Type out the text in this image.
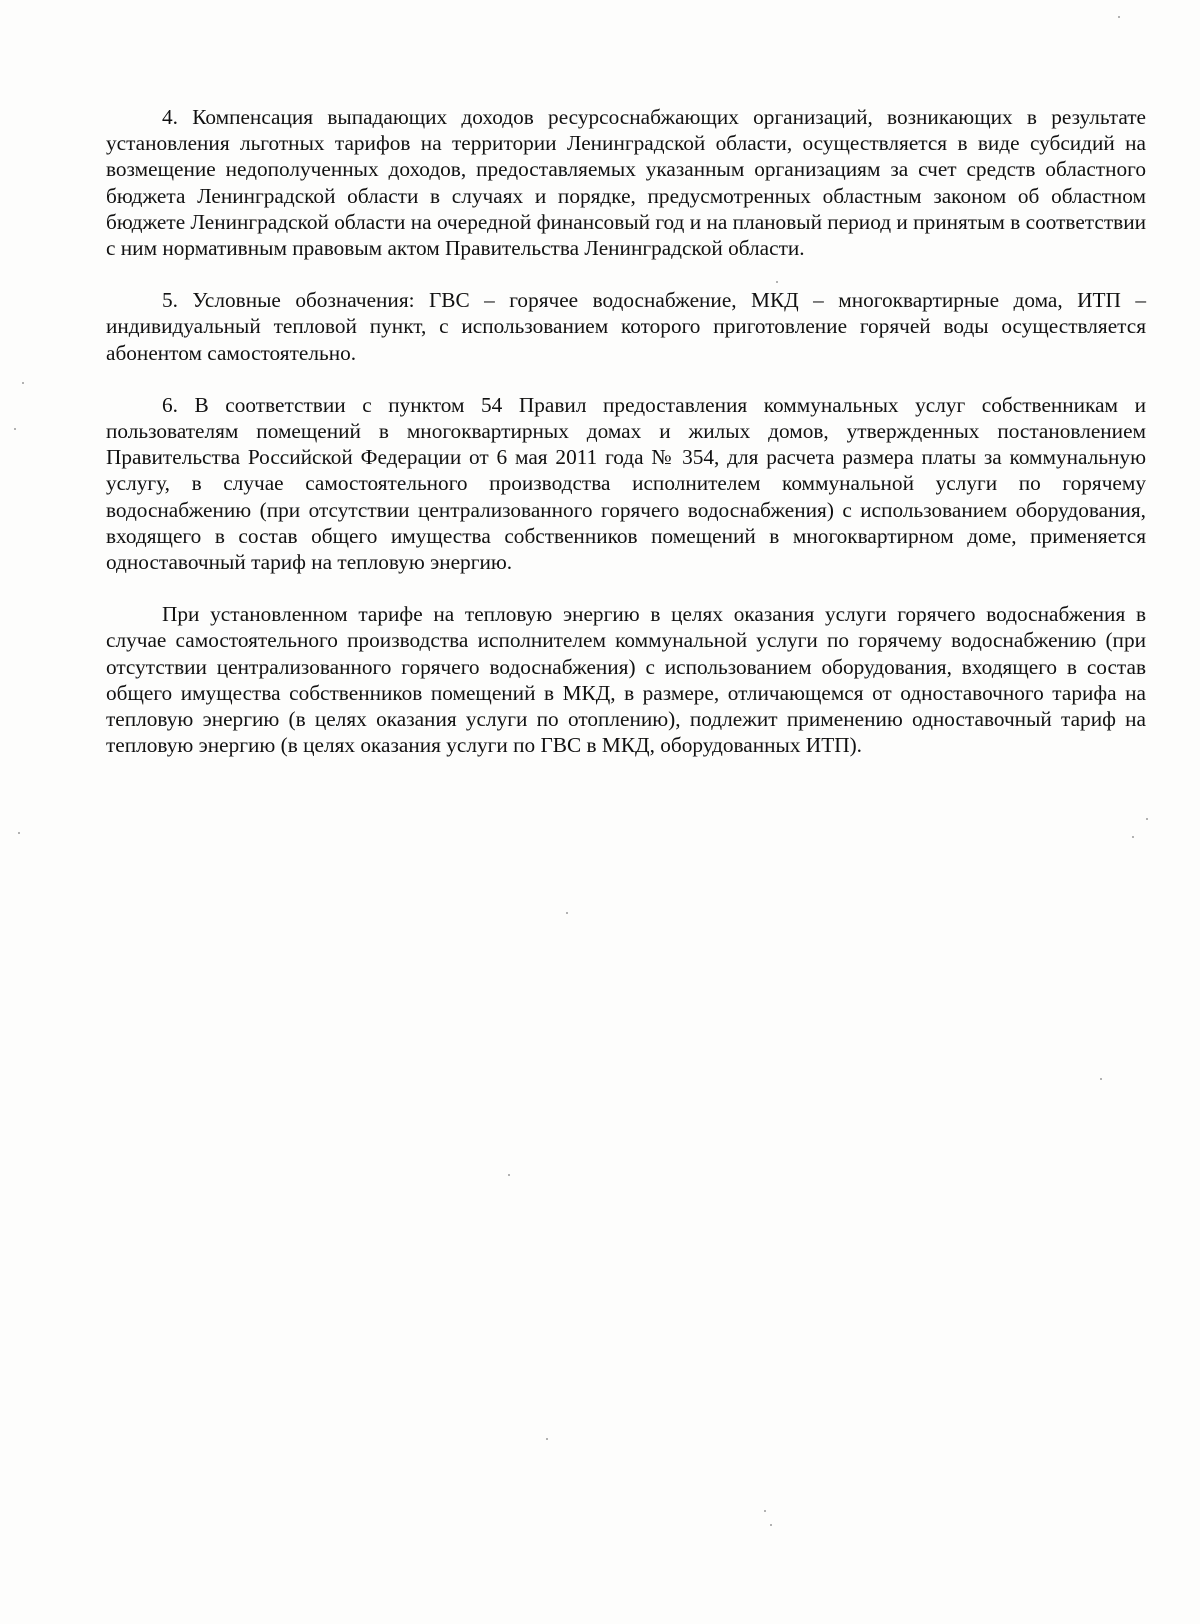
4. Компенсация выпадающих доходов ресурсоснабжающих организаций, возникающих в результате установления льготных тарифов на территории Ленинградской области, осуществляется в виде субсидий на возмещение недополученных доходов, предоставляемых указанным организациям за счет средств областного бюджета Ленинградской области в случаях и порядке, предусмотренных областным законом об областном бюджете Ленинградской области на очередной финансовый год и на плановый период и принятым в соответствии с ним нормативным правовым актом Правительства Ленинградской области.

5. Условные обозначения: ГВС – горячее водоснабжение, МКД – многоквартирные дома, ИТП – индивидуальный тепловой пункт, с использованием которого приготовление горячей воды осуществляется абонентом самостоятельно.

6. В соответствии с пунктом 54 Правил предоставления коммунальных услуг собственникам и пользователям помещений в многоквартирных домах и жилых домов, утвержденных постановлением Правительства Российской Федерации от 6 мая 2011 года № 354, для расчета размера платы за коммунальную услугу, в случае самостоятельного производства исполнителем коммунальной услуги по горячему водоснабжению (при отсутствии централизованного горячего водоснабжения) с использованием оборудования, входящего в состав общего имущества собственников помещений в многоквартирном доме, применяется одноставочный тариф на тепловую энергию.

При установленном тарифе на тепловую энергию в целях оказания услуги горячего водоснабжения в случае самостоятельного производства исполнителем коммунальной услуги по горячему водоснабжению (при отсутствии централизованного горячего водоснабжения) с использованием оборудования, входящего в состав общего имущества собственников помещений в МКД, в размере, отличающемся от одноставочного тарифа на тепловую энергию (в целях оказания услуги по отоплению), подлежит применению одноставочный тариф на тепловую энергию (в целях оказания услуги по ГВС в МКД, оборудованных ИТП).
